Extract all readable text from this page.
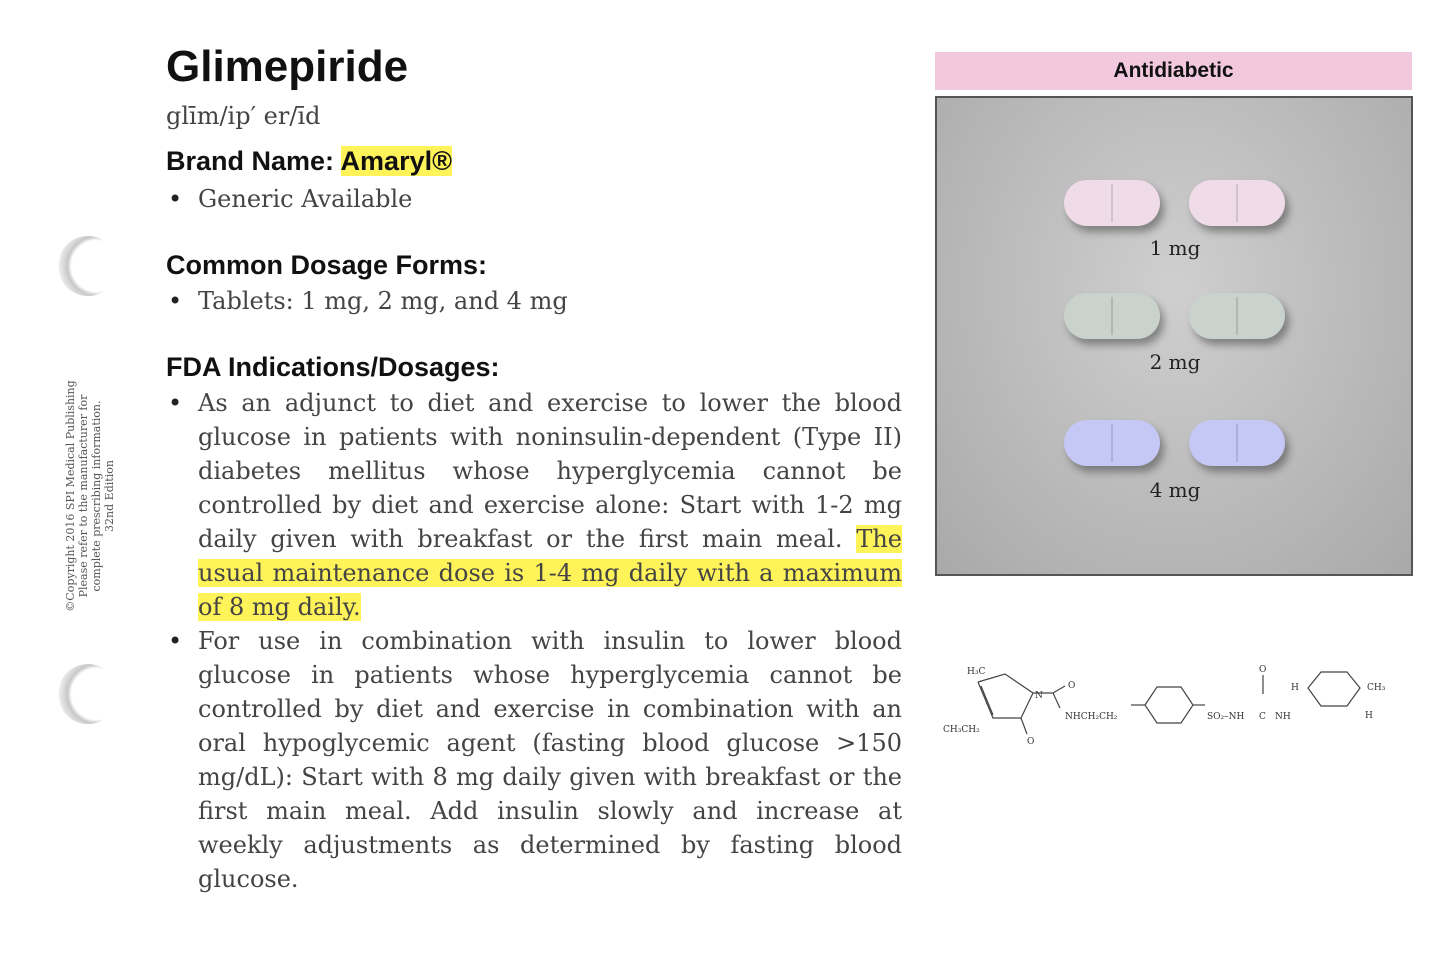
©Copyright 2016 SPI Medical Publishing Please refer to the manufacturer for complete prescribing information. 32nd Edition
Glimepiride
glīm/ip′ er/īd
Brand Name: Amaryl®
• Generic Available
Common Dosage Forms:
• Tablets: 1 mg, 2 mg, and 4 mg
FDA Indications/Dosages:
• As an adjunct to diet and exercise to lower the blood glucose in patients with noninsulin-dependent (Type II) diabetes mellitus whose hyperglycemia cannot be controlled by diet and exercise alone: Start with 1-2 mg daily given with breakfast or the first main meal. The usual maintenance dose is 1-4 mg daily with a maximum of 8 mg daily.
• For use in combination with insulin to lower blood glucose in patients whose hyperglycemia cannot be controlled by diet and exercise in combination with an oral hypoglycemic agent (fasting blood glucose >150 mg/dL): Start with 8 mg daily given with breakfast or the first main meal. Add insulin slowly and increase at weekly adjustments as determined by fasting blood glucose.
Antidiabetic
1 mg
2 mg
4 mg
H₃C
CH₃CH₂
O
O
N
NHCH₂CH₂	SO₂–NH
O
C NH
H
H
CH₃
